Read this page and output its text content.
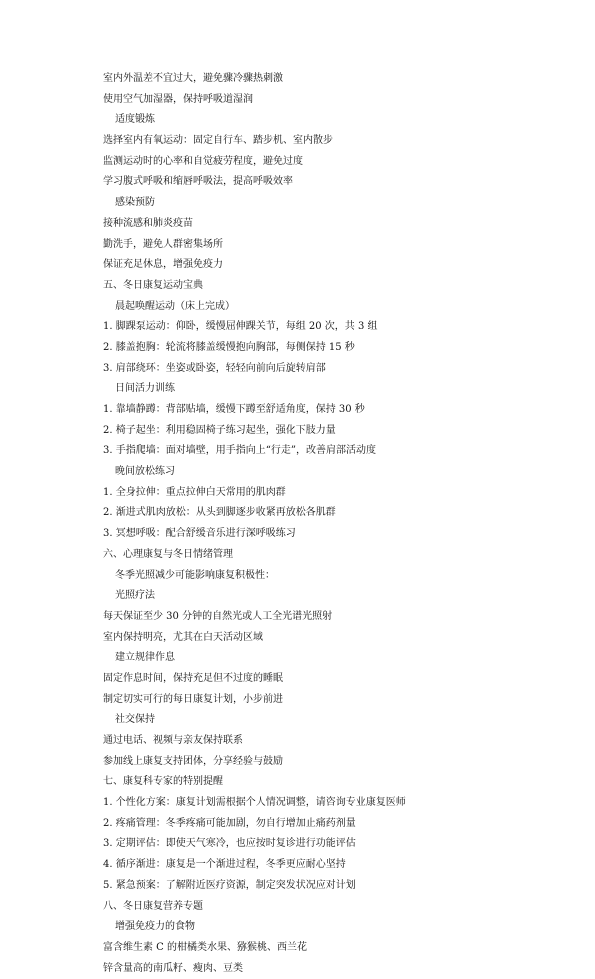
室内外温差不宜过大，避免骤冷骤热刺激
使用空气加湿器，保持呼吸道湿润
适度锻炼
选择室内有氧运动：固定自行车、踏步机、室内散步
监测运动时的心率和自觉疲劳程度，避免过度
学习腹式呼吸和缩唇呼吸法，提高呼吸效率
感染预防
接种流感和肺炎疫苗
勤洗手，避免人群密集场所
保证充足休息，增强免疫力
五、冬日康复运动宝典
晨起唤醒运动（床上完成）
1. 脚踝泵运动：仰卧，缓慢屈伸踝关节，每组 20 次，共 3 组
2. 膝盖抱胸：轮流将膝盖缓慢抱向胸部，每侧保持 15 秒
3. 肩部绕环：坐姿或卧姿，轻轻向前向后旋转肩部
日间活力训练
1. 靠墙静蹲：背部贴墙，缓慢下蹲至舒适角度，保持 30 秒
2. 椅子起坐：利用稳固椅子练习起坐，强化下肢力量
3. 手指爬墙：面对墙壁，用手指向上“行走”，改善肩部活动度
晚间放松练习
1. 全身拉伸：重点拉伸白天常用的肌肉群
2. 渐进式肌肉放松：从头到脚逐步收紧再放松各肌群
3. 冥想呼吸：配合舒缓音乐进行深呼吸练习
六、心理康复与冬日情绪管理
冬季光照减少可能影响康复积极性：
光照疗法
每天保证至少 30 分钟的自然光或人工全光谱光照射
室内保持明亮，尤其在白天活动区域
建立规律作息
固定作息时间，保持充足但不过度的睡眠
制定切实可行的每日康复计划，小步前进
社交保持
通过电话、视频与亲友保持联系
参加线上康复支持团体，分享经验与鼓励
七、康复科专家的特别提醒
1. 个性化方案：康复计划需根据个人情况调整，请咨询专业康复医师
2. 疼痛管理：冬季疼痛可能加剧，勿自行增加止痛药剂量
3. 定期评估：即使天气寒冷，也应按时复诊进行功能评估
4. 循序渐进：康复是一个渐进过程，冬季更应耐心坚持
5. 紧急预案：了解附近医疗资源，制定突发状况应对计划
八、冬日康复营养专题
增强免疫力的食物
富含维生素 C 的柑橘类水果、猕猴桃、西兰花
锌含量高的南瓜籽、瘦肉、豆类
